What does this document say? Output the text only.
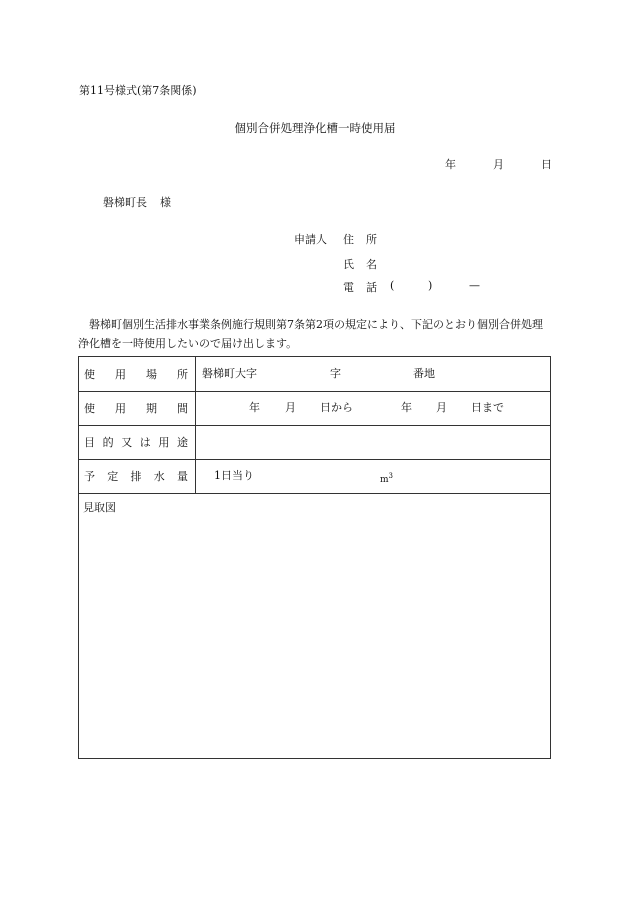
第11号様式(第7条関係)
個別合併処理浄化槽一時使用届
年	月	日
磐梯町長 様
申請人 住 所
氏 名
電 話 (	)	—
磐梯町個別生活排水事業条例施行規則第7条第2項の規定により、下記のとおり個別合併処理浄化槽を一時使用したいので届け出します。
使 用 場 所 磐梯町大字	字	番地
使 用 期 間	年 月 日から	年 月 日まで
目 的 又 は 用 途
予 定 排 水 量 1日当り	$m^3$
見取図
